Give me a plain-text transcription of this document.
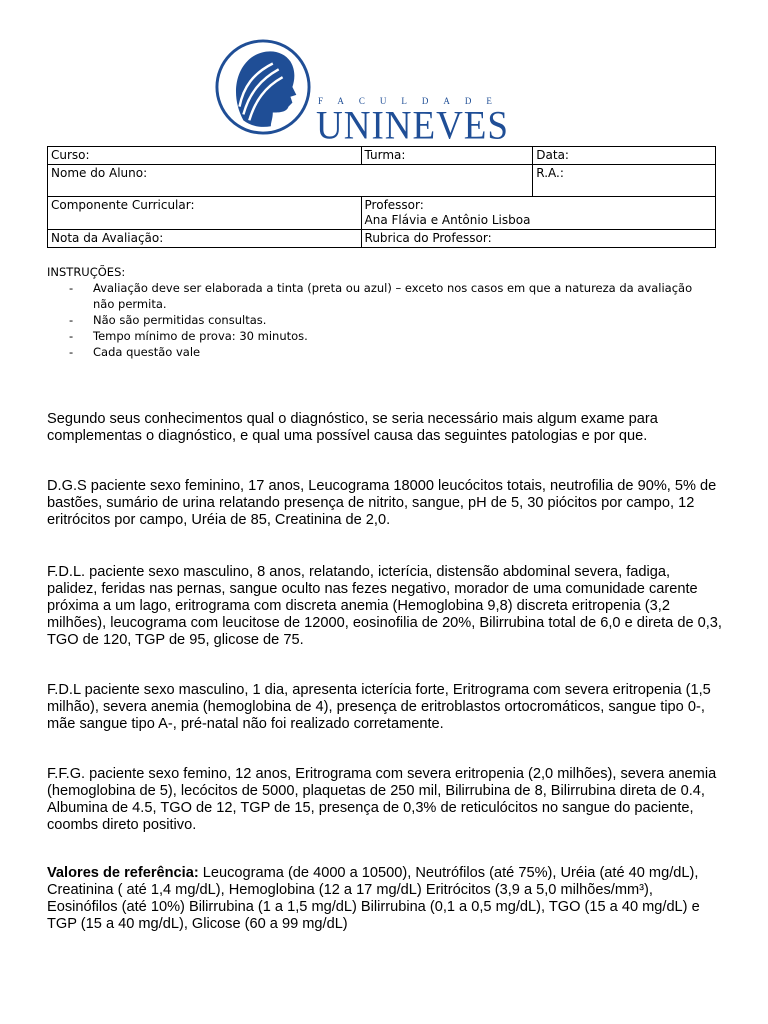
FACULDADE
UNINEVES
Curso:	Turma:	Data:
Nome do Aluno:		R.A.:
Componente Curricular:	Professor:
Ana Flávia e Antônio Lisboa	

Nota da Avaliação:	Rubrica do Professor:	
INSTRUÇÕES:
- Avaliação deve ser elaborada a tinta (preta ou azul) – exceto nos casos em que a natureza da avaliação não permita.
- Não são permitidas consultas.
- Tempo mínimo de prova: 30 minutos.
- Cada questão vale
Segundo seus conhecimentos qual o diagnóstico, se seria necessário mais algum exame para complementas o diagnóstico, e qual uma possível causa das seguintes patologias e por que.
D.G.S paciente sexo feminino, 17 anos, Leucograma 18000 leucócitos totais, neutrofilia de 90%, 5% de bastões, sumário de urina relatando presença de nitrito, sangue, pH de 5, 30 piócitos por campo, 12 eritrócitos por campo, Uréia de 85, Creatinina de 2,0.
F.D.L. paciente sexo masculino, 8 anos, relatando, icterícia, distensão abdominal severa, fadiga, palidez, feridas nas pernas, sangue oculto nas fezes negativo, morador de uma comunidade carente próxima a um lago, eritrograma com discreta anemia (Hemoglobina 9,8) discreta eritropenia (3,2 milhões), leucograma com leucitose de 12000, eosinofilia de 20%, Bilirrubina total de 6,0 e direta de 0,3, TGO de 120, TGP de 95, glicose de 75.
F.D.L paciente sexo masculino, 1 dia, apresenta icterícia forte, Eritrograma com severa eritropenia (1,5 milhão), severa anemia (hemoglobina de 4), presença de eritroblastos ortocromáticos, sangue tipo 0-, mãe sangue tipo A-, pré-natal não foi realizado corretamente.
F.F.G. paciente sexo femino, 12 anos, Eritrograma com severa eritropenia (2,0 milhões), severa anemia (hemoglobina de 5), lecócitos de 5000, plaquetas de 250 mil, Bilirrubina de 8, Bilirrubina direta de 0.4, Albumina de 4.5, TGO de 12, TGP de 15, presença de 0,3% de reticulócitos no sangue do paciente, coombs direto positivo.
Valores de referência: Leucograma (de 4000 a 10500), Neutrófilos (até 75%), Uréia (até 40 mg/dL), Creatinina ( até 1,4 mg/dL), Hemoglobina (12 a 17 mg/dL) Eritrócitos (3,9 a 5,0 milhões/mm³), Eosinófilos (até 10%) Bilirrubina (1 a 1,5 mg/dL) Bilirrubina (0,1 a 0,5 mg/dL), TGO (15 a 40 mg/dL) e TGP (15 a 40 mg/dL), Glicose (60 a 99 mg/dL)
